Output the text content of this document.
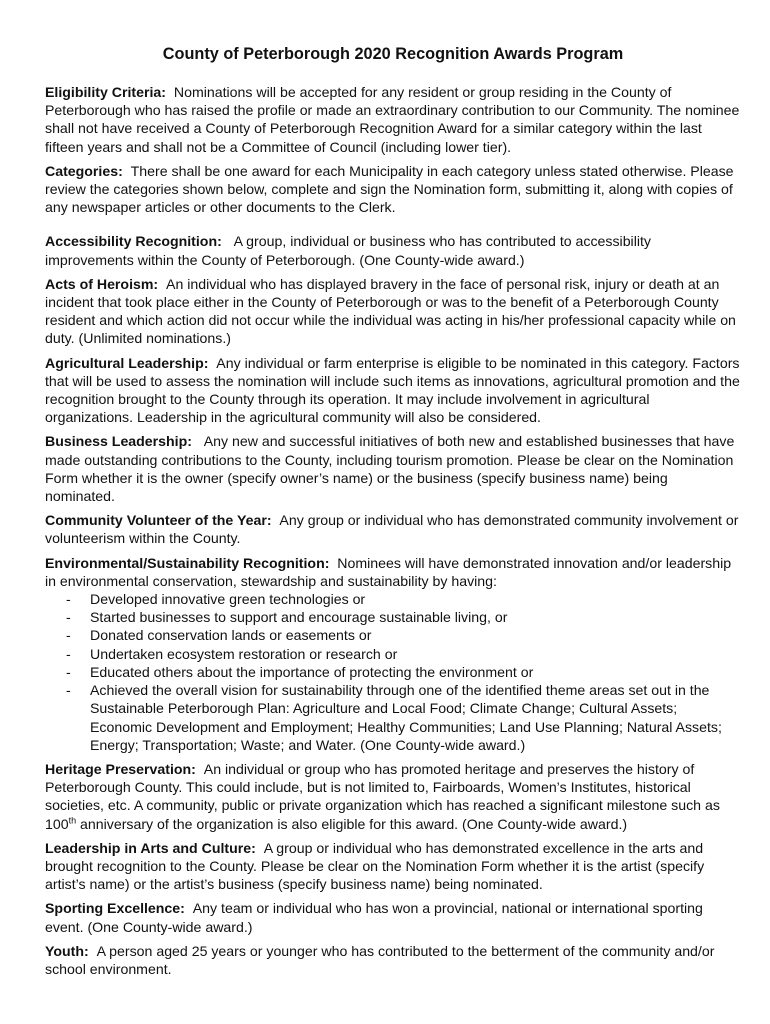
County of Peterborough 2020 Recognition Awards Program

Eligibility Criteria: Nominations will be accepted for any resident or group residing in the County of Peterborough who has raised the profile or made an extraordinary contribution to our Community. The nominee shall not have received a County of Peterborough Recognition Award for a similar category within the last fifteen years and shall not be a Committee of Council (including lower tier).

Categories: There shall be one award for each Municipality in each category unless stated otherwise. Please review the categories shown below, complete and sign the Nomination form, submitting it, along with copies of any newspaper articles or other documents to the Clerk.

Accessibility Recognition: A group, individual or business who has contributed to accessibility improvements within the County of Peterborough. (One County-wide award.)

Acts of Heroism: An individual who has displayed bravery in the face of personal risk, injury or death at an incident that took place either in the County of Peterborough or was to the benefit of a Peterborough County resident and which action did not occur while the individual was acting in his/her professional capacity while on duty. (Unlimited nominations.)

Agricultural Leadership: Any individual or farm enterprise is eligible to be nominated in this category. Factors that will be used to assess the nomination will include such items as innovations, agricultural promotion and the recognition brought to the County through its operation. It may include involvement in agricultural organizations. Leadership in the agricultural community will also be considered.

Business Leadership: Any new and successful initiatives of both new and established businesses that have made outstanding contributions to the County, including tourism promotion. Please be clear on the Nomination Form whether it is the owner (specify owner’s name) or the business (specify business name) being nominated.

Community Volunteer of the Year: Any group or individual who has demonstrated community involvement or volunteerism within the County.

Environmental/Sustainability Recognition: Nominees will have demonstrated innovation and/or leadership in environmental conservation, stewardship and sustainability by having:
- Developed innovative green technologies or
- Started businesses to support and encourage sustainable living, or
- Donated conservation lands or easements or
- Undertaken ecosystem restoration or research or
- Educated others about the importance of protecting the environment or
- Achieved the overall vision for sustainability through one of the identified theme areas set out in the Sustainable Peterborough Plan: Agriculture and Local Food; Climate Change; Cultural Assets; Economic Development and Employment; Healthy Communities; Land Use Planning; Natural Assets; Energy; Transportation; Waste; and Water. (One County-wide award.)

Heritage Preservation: An individual or group who has promoted heritage and preserves the history of Peterborough County. This could include, but is not limited to, Fairboards, Women’s Institutes, historical societies, etc. A community, public or private organization which has reached a significant milestone such as 100th anniversary of the organization is also eligible for this award. (One County-wide award.)

Leadership in Arts and Culture: A group or individual who has demonstrated excellence in the arts and brought recognition to the County. Please be clear on the Nomination Form whether it is the artist (specify artist’s name) or the artist’s business (specify business name) being nominated.

Sporting Excellence: Any team or individual who has won a provincial, national or international sporting event. (One County-wide award.)

Youth: A person aged 25 years or younger who has contributed to the betterment of the community and/or school environment.
